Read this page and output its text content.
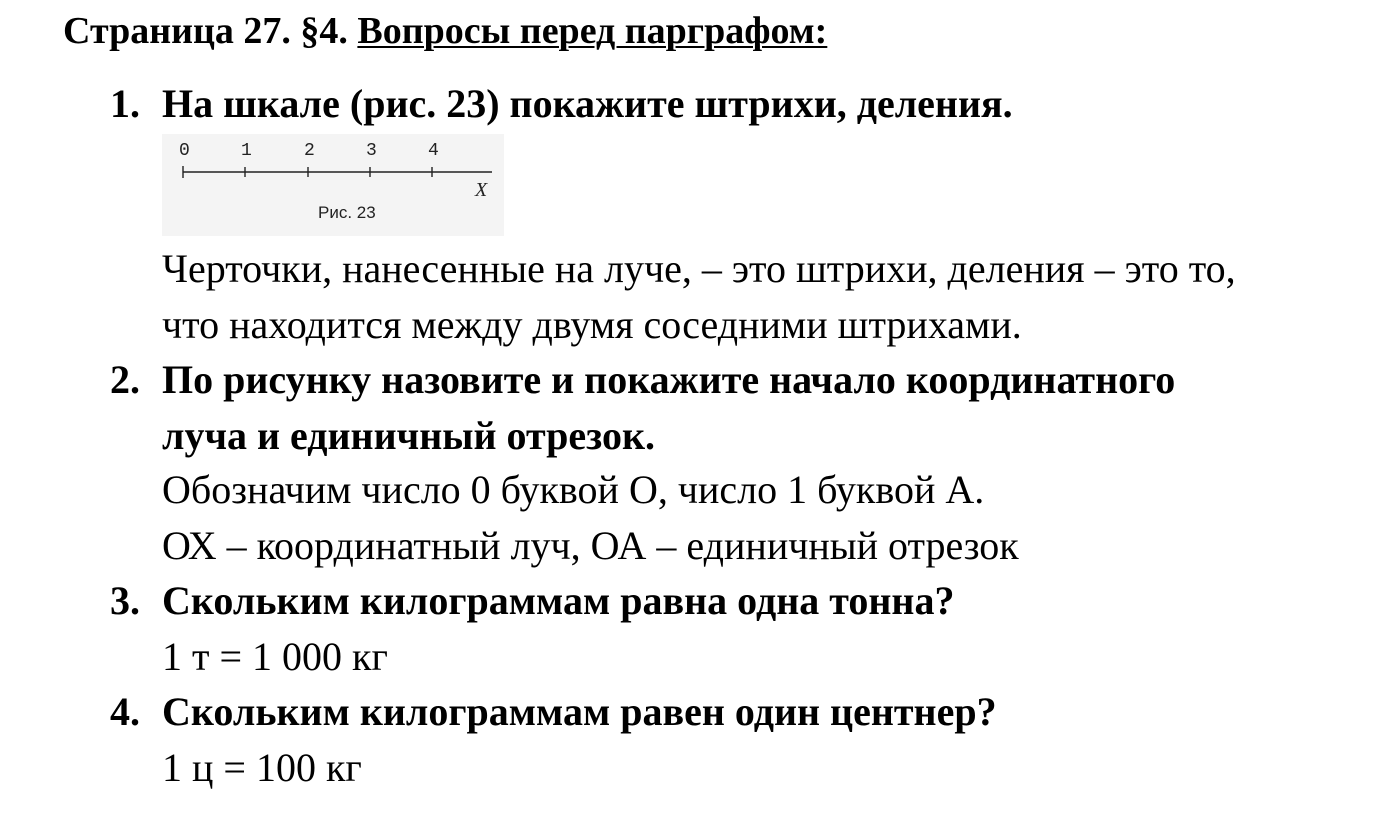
Страница 27. §4. Вопросы перед парграфом:
1. На шкале (рис. 23) покажите штрихи, деления.
0	1	2	3	4
X
Рис. 23
Черточки, нанесенные на луче, – это штрихи, деления – это то,
что находится между двумя соседними штрихами.
2. По рисунку назовите и покажите начало координатного
луча и единичный отрезок.
Обозначим число 0 буквой О, число 1 буквой А.
ОХ – координатный луч, ОА – единичный отрезок
3. Скольким килограммам равна одна тонна?
1 т = 1 000 кг
4. Скольким килограммам равен один центнер?
1 ц = 100 кг
